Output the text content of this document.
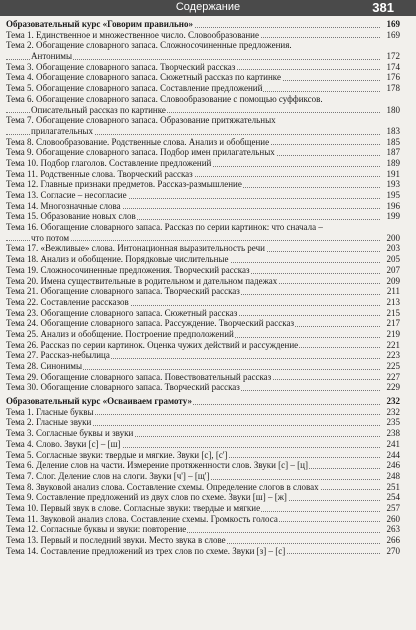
Содержание	381
Образовательный курс «Говорим правильно»	169
Тема 1. Единственное и множественное число. Словообразование	169
Тема 2. Обогащение словарного запаса. Сложносочиненные предложения.
Антонимы	172
Тема 3. Обогащение словарного запаса. Творческий рассказ	174
Тема 4. Обогащение словарного запаса. Сюжетный рассказ по картинке	176
Тема 5. Обогащение словарного запаса. Составление предложений	178
Тема 6. Обогащение словарного запаса. Словообразование с помощью суффиксов.
Описательный рассказ по картинке	180
Тема 7. Обогащение словарного запаса. Образование притяжательных
прилагательных	183
Тема 8. Словообразование. Родственные слова. Анализ и обобщение	185
Тема 9. Обогащение словарного запаса. Подбор имен прилагательных	187
Тема 10. Подбор глаголов. Составление предложений	189
Тема 11. Родственные слова. Творческий рассказ	191
Тема 12. Главные признаки предметов. Рассказ-размышление	193
Тема 13. Согласие – несогласие	195
Тема 14. Многозначные слова	196
Тема 15. Образование новых слов	199
Тема 16. Обогащение словарного запаса. Рассказ по серии картинок: что сначала –
что потом	200
Тема 17. «Вежливые» слова. Интонационная выразительность речи	203
Тема 18. Анализ и обобщение. Порядковые числительные	205
Тема 19. Сложносочиненные предложения. Творческий рассказ	207
Тема 20. Имена существительные в родительном и дательном падежах	209
Тема 21. Обогащение словарного запаса. Творческий рассказ	211
Тема 22. Составление рассказов	213
Тема 23. Обогащение словарного запаса. Сюжетный рассказ	215
Тема 24. Обогащение словарного запаса. Рассуждение. Творческий рассказ	217
Тема 25. Анализ и обобщение. Построение предположений	219
Тема 26. Рассказ по серии картинок. Оценка чужих действий и рассуждение	221
Тема 27. Рассказ-небылица	223
Тема 28. Синонимы	225
Тема 29. Обогащение словарного запаса. Повествовательный рассказ	227
Тема 30. Обогащение словарного запаса. Творческий рассказ	229
Образовательный курс «Осваиваем грамоту»	232
Тема 1. Гласные буквы	232
Тема 2. Гласные звуки	235
Тема 3. Согласные буквы и звуки	238
Тема 4. Слово. Звуки [с] – [ш]	241
Тема 5. Согласные звуки: твердые и мягкие. Звуки [с], [с']	244
Тема 6. Деление слов на части. Измерение протяженности слов. Звуки [с] – [ц]	246
Тема 7. Слог. Деление слов на слоги. Звуки [ч'] – [щ']	248
Тема 8. Звуковой анализ слова. Составление схемы. Определение слогов в словах	251
Тема 9. Составление предложений из двух слов по схеме. Звуки [ш] – [ж]	254
Тема 10. Первый звук в слове. Согласные звуки: твердые и мягкие	257
Тема 11. Звуковой анализ слова. Составление схемы. Громкость голоса	260
Тема 12. Согласные буквы и звуки: повторение	263
Тема 13. Первый и последний звуки. Место звука в слове	266
Тема 14. Составление предложений из трех слов по схеме. Звуки [з] – [с]	270
